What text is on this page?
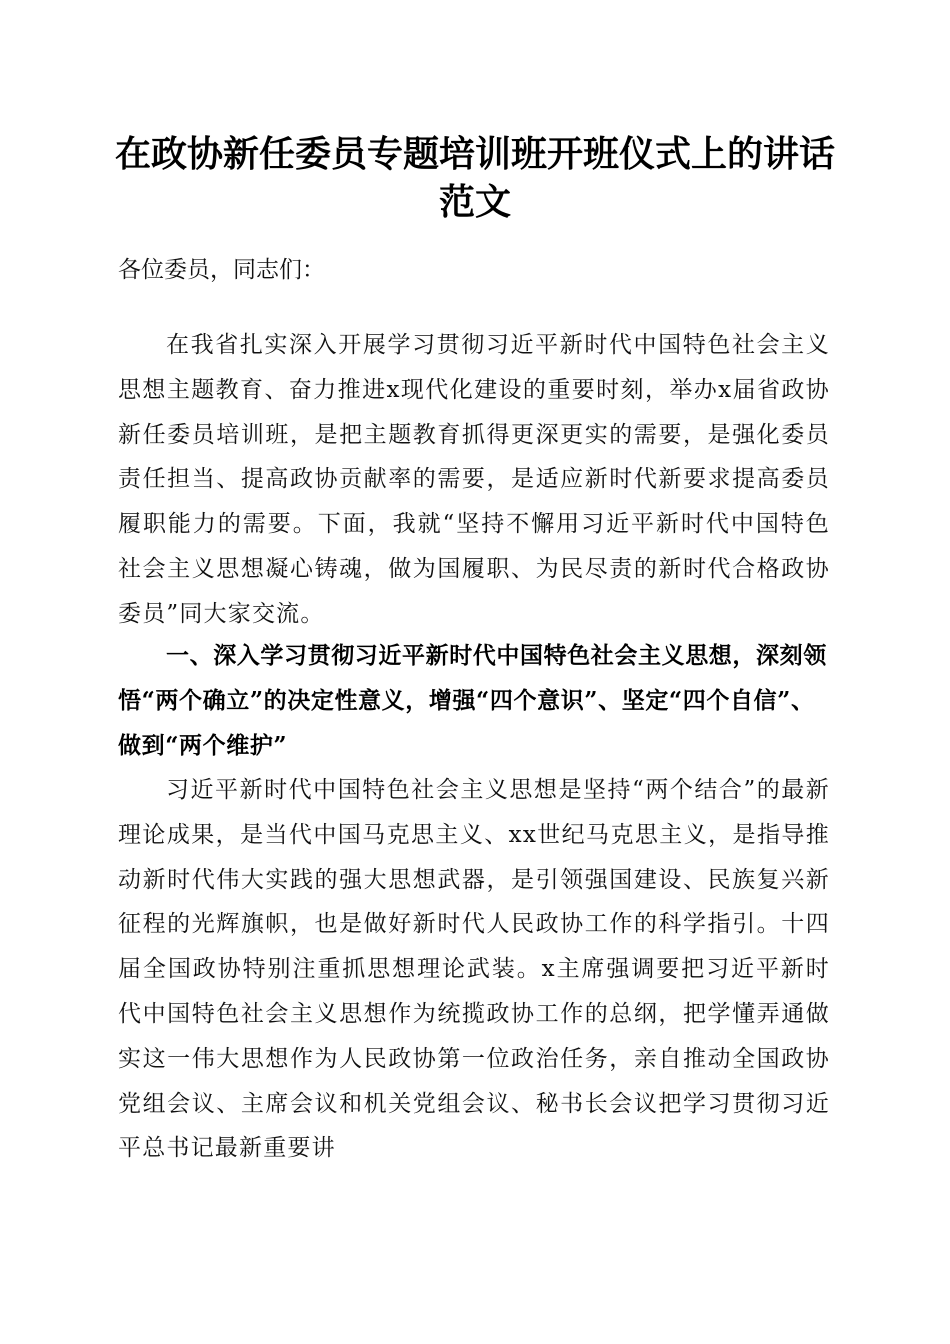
在政协新任委员专题培训班开班仪式上的讲话范文

各位委员，同志们：

在我省扎实深入开展学习贯彻习近平新时代中国特色社会主义思想主题教育、奋力推进x现代化建设的重要时刻，举办x届省政协新任委员培训班，是把主题教育抓得更深更实的需要，是强化委员责任担当、提高政协贡献率的需要，是适应新时代新要求提高委员履职能力的需要。下面，我就“坚持不懈用习近平新时代中国特色社会主义思想凝心铸魂，做为国履职、为民尽责的新时代合格政协委员”同大家交流。

一、深入学习贯彻习近平新时代中国特色社会主义思想，深刻领悟“两个确立”的决定性意义，增强“四个意识”、坚定“四个自信”、做到“两个维护”

习近平新时代中国特色社会主义思想是坚持“两个结合”的最新理论成果，是当代中国马克思主义、xx世纪马克思主义，是指导推动新时代伟大实践的强大思想武器，是引领强国建设、民族复兴新征程的光辉旗帜，也是做好新时代人民政协工作的科学指引。十四届全国政协特别注重抓思想理论武装。x主席强调要把习近平新时代中国特色社会主义思想作为统揽政协工作的总纲，把学懂弄通做实这一伟大思想作为人民政协第一位政治任务，亲自推动全国政协党组会议、主席会议和机关党组会议、秘书长会议把学习贯彻习近平总书记最新重要讲
